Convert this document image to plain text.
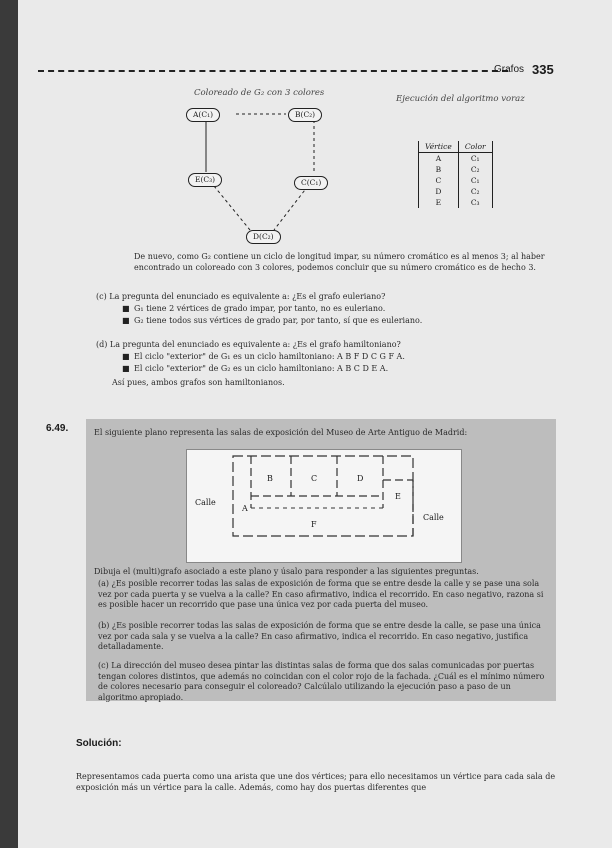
Grafos 335
Coloreado de G₂ con 3 colores
Ejecución del algoritmo voraz
A(C₁)	B(C₂)
E(C₃)	C(C₁)
D(C₂)
Vértice	Color
A	C₁
B	C₂
C	C₁
D	C₂
E	C₃
De nuevo, como G₂ contiene un ciclo de longitud impar, su número cromático es al menos 3; al haber encontrado un coloreado con 3 colores, podemos concluir que su número cromático es de hecho 3.
(c) La pregunta del enunciado es equivalente a: ¿Es el grafo euleriano?
■ G₁ tiene 2 vértices de grado impar, por tanto, no es euleriano.
■ G₂ tiene todos sus vértices de grado par, por tanto, sí que es euleriano.
(d) La pregunta del enunciado es equivalente a: ¿Es el grafo hamiltoniano?
■ El ciclo "exterior" de G₁ es un ciclo hamiltoniano: A B F D C G F A.
■ El ciclo "exterior" de G₂ es un ciclo hamiltoniano: A B C D E A.
Así pues, ambos grafos son hamiltonianos.
6.49.	El siguiente plano representa las salas de exposición del Museo de Arte Antiguo de Madrid:
Calle
Calle
A
B	C	D
E
F
Dibuja el (multi)grafo asociado a este plano y úsalo para responder a las siguientes preguntas.
(a) ¿Es posible recorrer todas las salas de exposición de forma que se entre desde la calle y se pase una sola vez por cada puerta y se vuelva a la calle? En caso afirmativo, indica el recorrido. En caso negativo, razona si es posible hacer un recorrido que pase una única vez por cada puerta del museo.
(b) ¿Es posible recorrer todas las salas de exposición de forma que se entre desde la calle, se pase una única vez por cada sala y se vuelva a la calle? En caso afirmativo, indica el recorrido. En caso negativo, justifica detalladamente.
(c) La dirección del museo desea pintar las distintas salas de forma que dos salas comunicadas por puertas tengan colores distintos, que además no coincidan con el color rojo de la fachada. ¿Cuál es el mínimo número de colores necesario para conseguir el coloreado? Calcúlalo utilizando la ejecución paso a paso de un algoritmo apropiado.
Solución:
Representamos cada puerta como una arista que une dos vértices; para ello necesitamos un vértice para cada sala de exposición más un vértice para la calle. Además, como hay dos puertas diferentes que
